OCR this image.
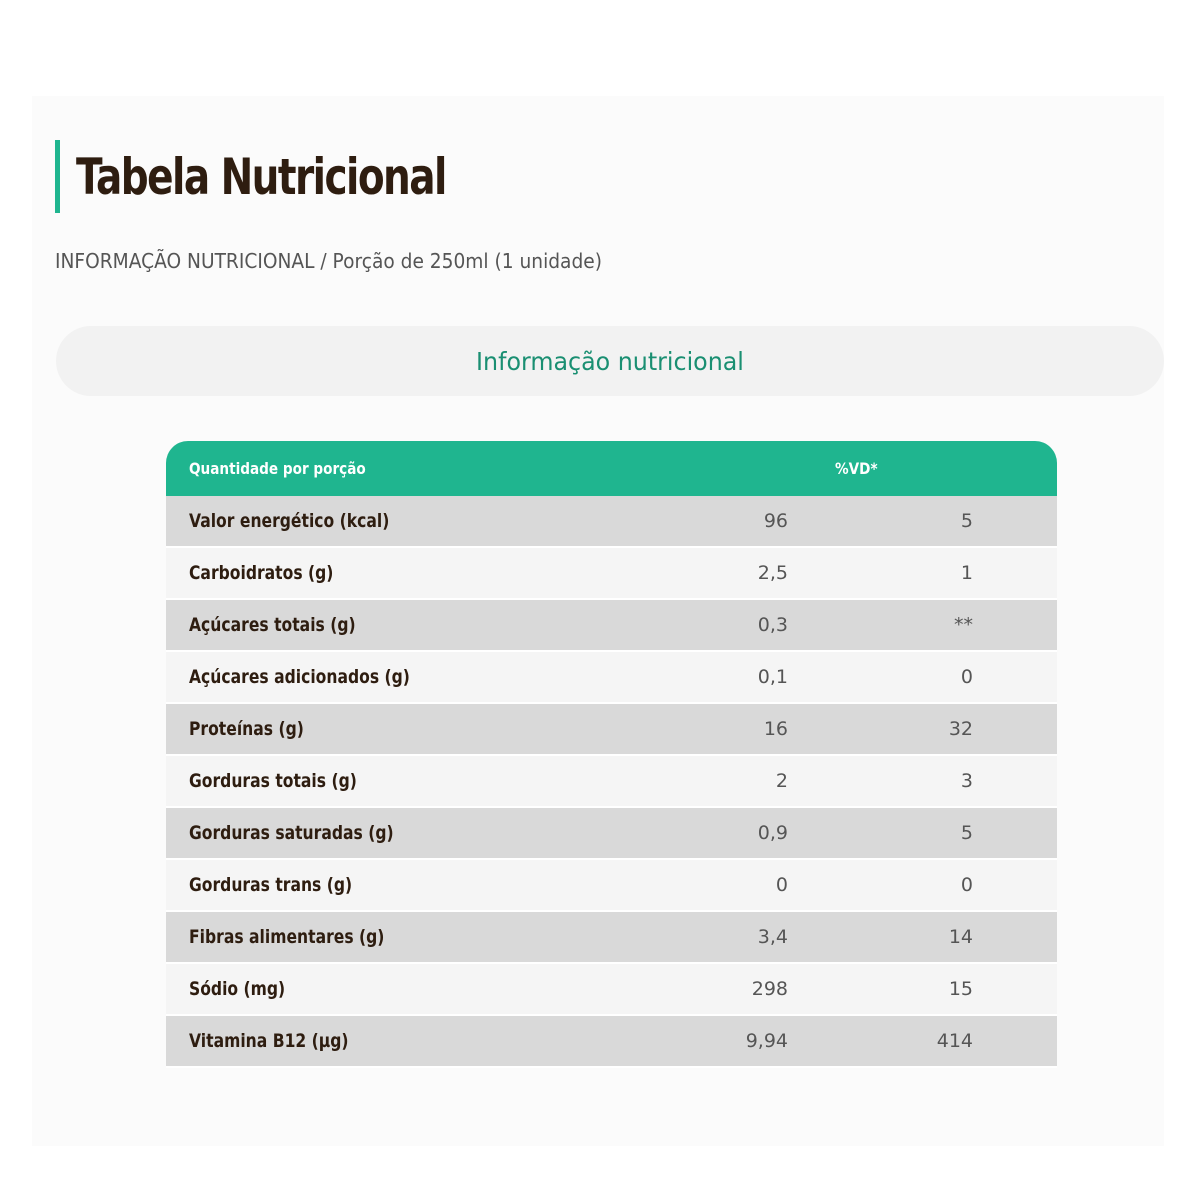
Tabela Nutricional
INFORMAÇÃO NUTRICIONAL / Porção de 250ml (1 unidade)
Informação nutricional
Quantidade por porção		%VD*
Valor energético (kcal)	96	5
Carboidratos (g)	2,5	1
Açúcares totais (g)	0,3	**
Açúcares adicionados (g)	0,1	0
Proteínas (g)	16	32
Gorduras totais (g)	2	3
Gorduras saturadas (g)	0,9	5
Gorduras trans (g)	0	0
Fibras alimentares (g)	3,4	14
Sódio (mg)	298	15
Vitamina B12 (µg)	9,94	414
